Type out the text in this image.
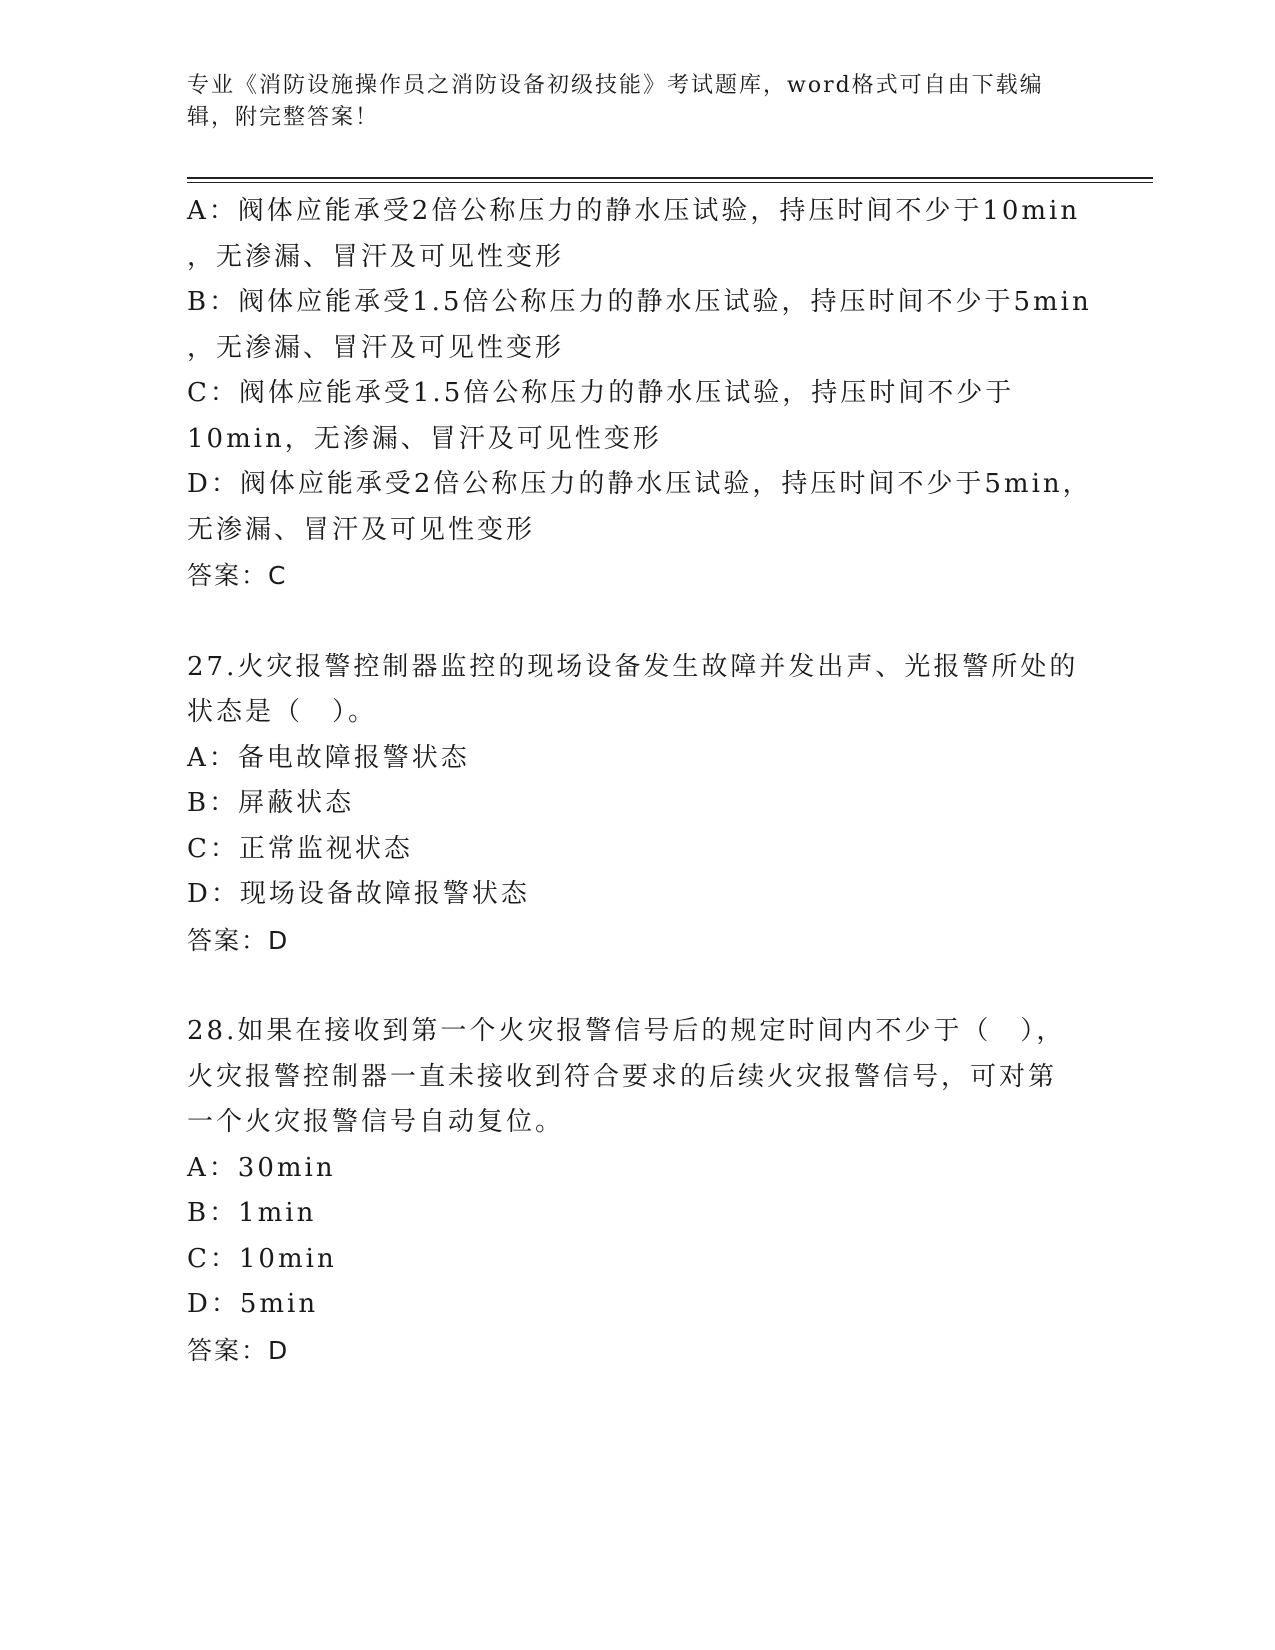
专业《消防设施操作员之消防设备初级技能》考试题库，word格式可自由下载编

辑，附完整答案！

A：阀体应能承受2倍公称压力的静水压试验，持压时间不少于10min

，无渗漏、冒汗及可见性变形

B：阀体应能承受1.5倍公称压力的静水压试验，持压时间不少于5min

，无渗漏、冒汗及可见性变形

C：阀体应能承受1.5倍公称压力的静水压试验，持压时间不少于

10min，无渗漏、冒汗及可见性变形

D：阀体应能承受2倍公称压力的静水压试验，持压时间不少于5min，

无渗漏、冒汗及可见性变形

答案：C

27.火灾报警控制器监控的现场设备发生故障并发出声、光报警所处的

状态是（　）。

A：备电故障报警状态

B：屏蔽状态

C：正常监视状态

D：现场设备故障报警状态

答案：D

28.如果在接收到第一个火灾报警信号后的规定时间内不少于（　），

火灾报警控制器一直未接收到符合要求的后续火灾报警信号，可对第

一个火灾报警信号自动复位。

A：30min

B：1min

C：10min

D：5min

答案：D
